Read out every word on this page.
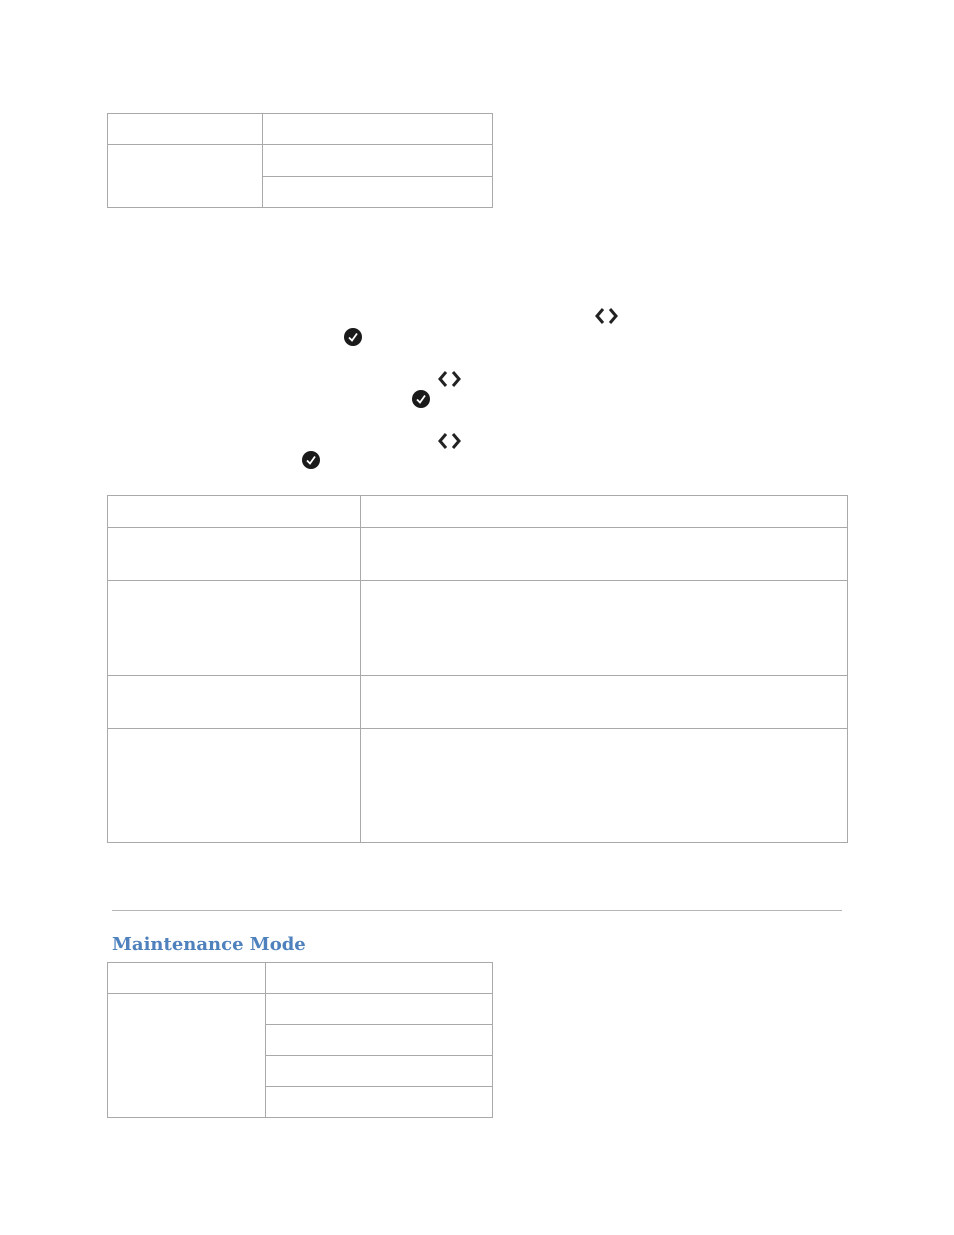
Maintenance Mode
